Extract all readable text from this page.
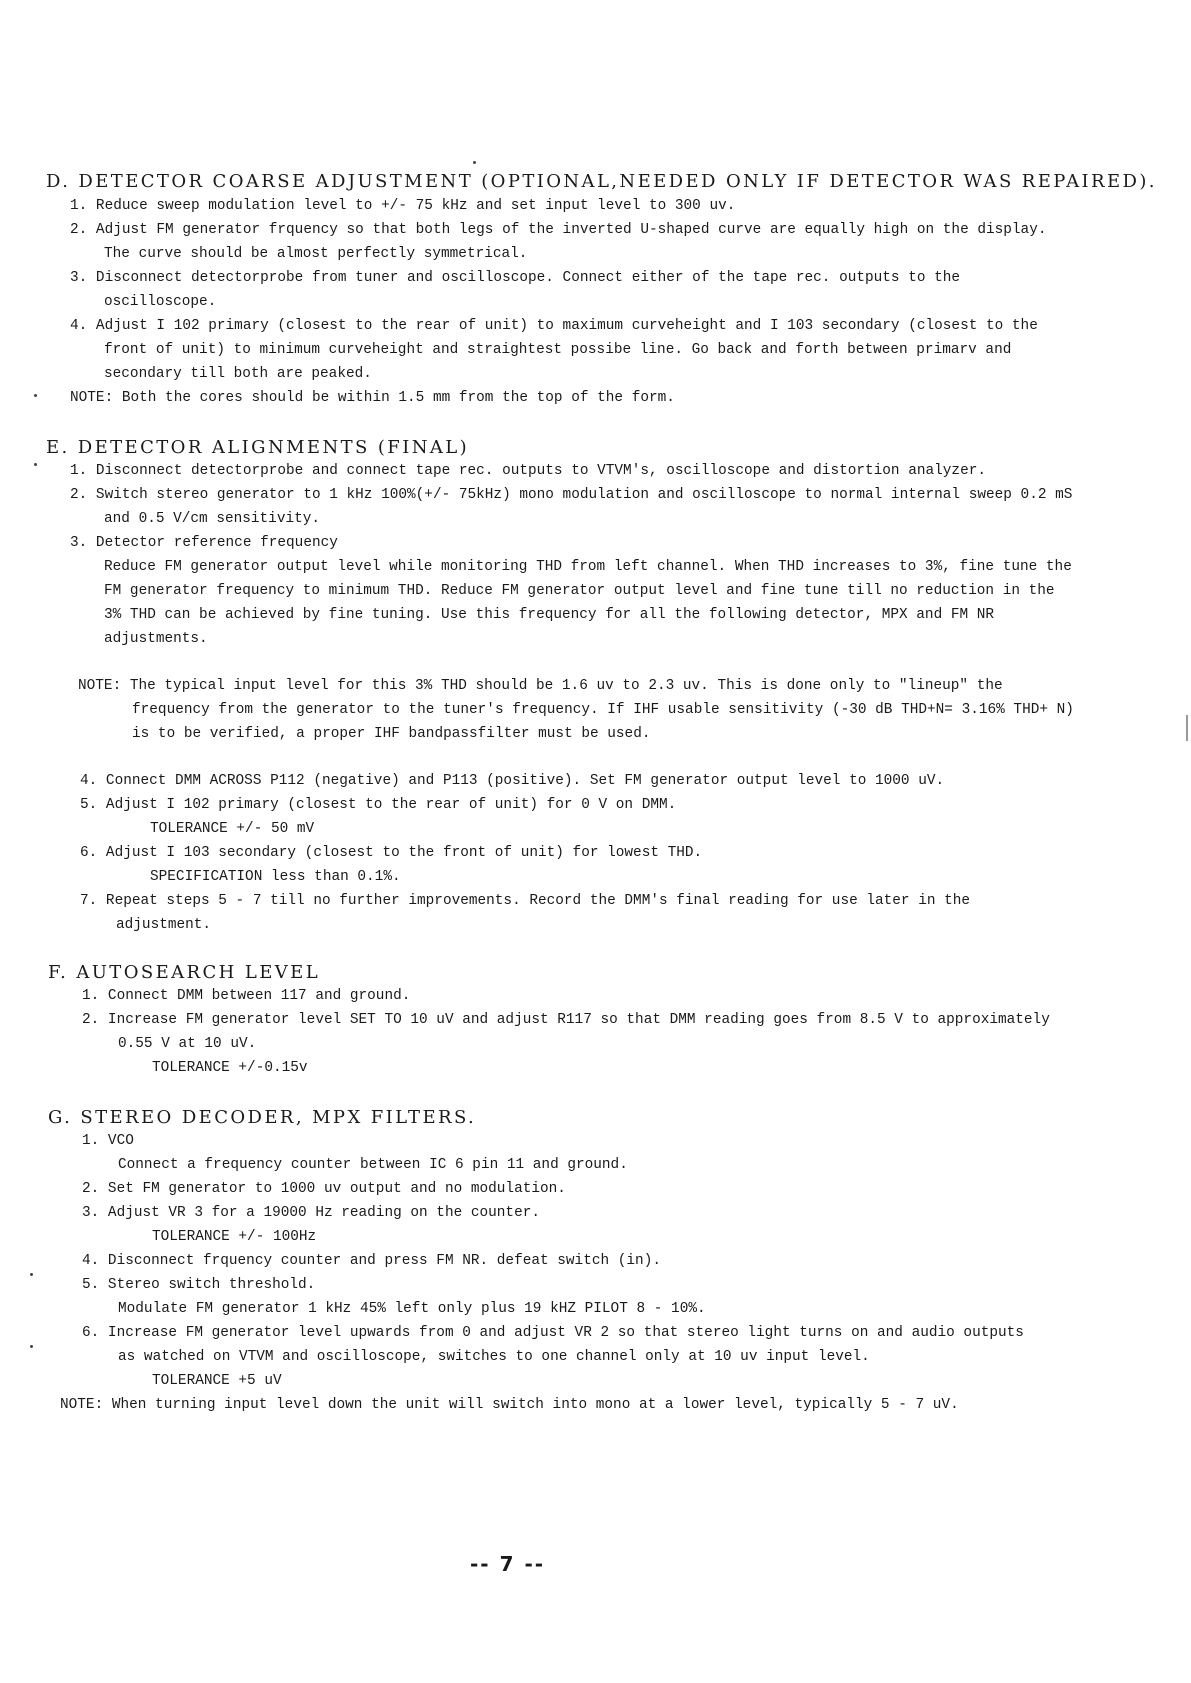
D. DETECTOR COARSE ADJUSTMENT (OPTIONAL,NEEDED ONLY IF DETECTOR WAS REPAIRED).
1. Reduce sweep modulation level to +/- 75 kHz and set input level to 300 uv.
2. Adjust FM generator frquency so that both legs of the inverted U-shaped curve are equally high on the display.
The curve should be almost perfectly symmetrical.
3. Disconnect detectorprobe from tuner and oscilloscope. Connect either of the tape rec. outputs to the
oscilloscope.
4. Adjust I 102 primary (closest to the rear of unit) to maximum curveheight and I 103 secondary (closest to the
front of unit) to minimum curveheight and straightest possibe line. Go back and forth between primarv and
secondary till both are peaked.
NOTE: Both the cores should be within 1.5 mm from the top of the form.
E. DETECTOR ALIGNMENTS (FINAL)
1. Disconnect detectorprobe and connect tape rec. outputs to VTVM's, oscilloscope and distortion analyzer.
2. Switch stereo generator to 1 kHz 100%(+/- 75kHz) mono modulation and oscilloscope to normal internal sweep 0.2 mS
and 0.5 V/cm sensitivity.
3. Detector reference frequency
Reduce FM generator output level while monitoring THD from left channel. When THD increases to 3%, fine tune the
FM generator frequency to minimum THD. Reduce FM generator output level and fine tune till no reduction in the
3% THD can be achieved by fine tuning. Use this frequency for all the following detector, MPX and FM NR
adjustments.
NOTE: The typical input level for this 3% THD should be 1.6 uv to 2.3 uv. This is done only to "lineup" the
frequency from the generator to the tuner's frequency. If IHF usable sensitivity (-30 dB THD+N= 3.16% THD+ N)
is to be verified, a proper IHF bandpassfilter must be used.
4. Connect DMM ACROSS P112 (negative) and P113 (positive). Set FM generator output level to 1000 uV.
5. Adjust I 102 primary (closest to the rear of unit) for 0 V on DMM.
TOLERANCE +/- 50 mV
6. Adjust I 103 secondary (closest to the front of unit) for lowest THD.
SPECIFICATION less than 0.1%.
7. Repeat steps 5 - 7 till no further improvements. Record the DMM's final reading for use later in the
adjustment.
F. AUTOSEARCH LEVEL
1. Connect DMM between 117 and ground.
2. Increase FM generator level SET TO 10 uV and adjust R117 so that DMM reading goes from 8.5 V to approximately
0.55 V at 10 uV.
TOLERANCE +/-0.15v
G. STEREO DECODER, MPX FILTERS.
1. VCO
Connect a frequency counter between IC 6 pin 11 and ground.
2. Set FM generator to 1000 uv output and no modulation.
3. Adjust VR 3 for a 19000 Hz reading on the counter.
TOLERANCE +/- 100Hz
4. Disconnect frquency counter and press FM NR. defeat switch (in).
5. Stereo switch threshold.
Modulate FM generator 1 kHz 45% left only plus 19 kHZ PILOT 8 - 10%.
6. Increase FM generator level upwards from 0 and adjust VR 2 so that stereo light turns on and audio outputs
as watched on VTVM and oscilloscope, switches to one channel only at 10 uv input level.
TOLERANCE +5 uV
NOTE: When turning input level down the unit will switch into mono at a lower level, typically 5 - 7 uV.
-- 7 --
